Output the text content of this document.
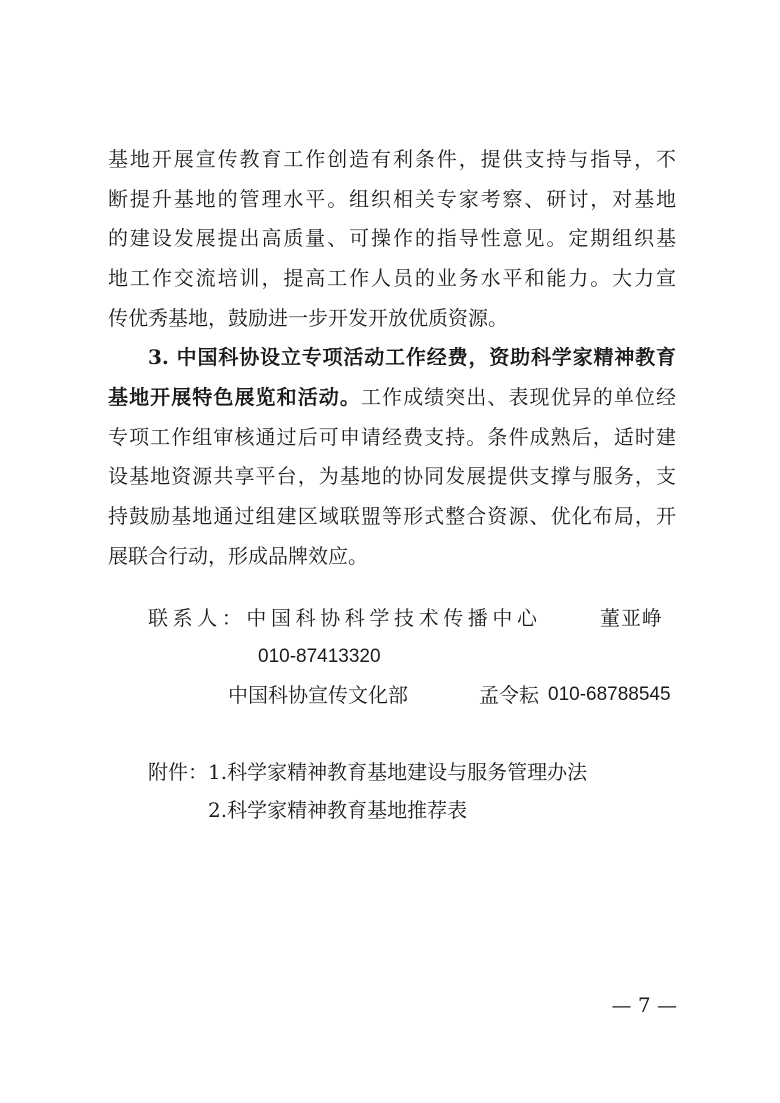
基地开展宣传教育工作创造有利条件，提供支持与指导，不
断提升基地的管理水平。组织相关专家考察、研讨，对基地
的建设发展提出高质量、可操作的指导性意见。定期组织基
地工作交流培训，提高工作人员的业务水平和能力。大力宣
传优秀基地，鼓励进一步开发开放优质资源。
3. 中国科协设立专项活动工作经费，资助科学家精神教育
基地开展特色展览和活动。工作成绩突出、表现优异的单位经
专项工作组审核通过后可申请经费支持。条件成熟后，适时建
设基地资源共享平台，为基地的协同发展提供支撑与服务，支
持鼓励基地通过组建区域联盟等形式整合资源、优化布局，开
展联合行动，形成品牌效应。
联系人：中国科协科学技术传播中心	董亚峥
010-87413320
中国科协宣传文化部	孟令耘 010-68788545
附件： 1.科学家精神教育基地建设与服务管理办法
2.科学家精神教育基地推荐表
— 7 —
